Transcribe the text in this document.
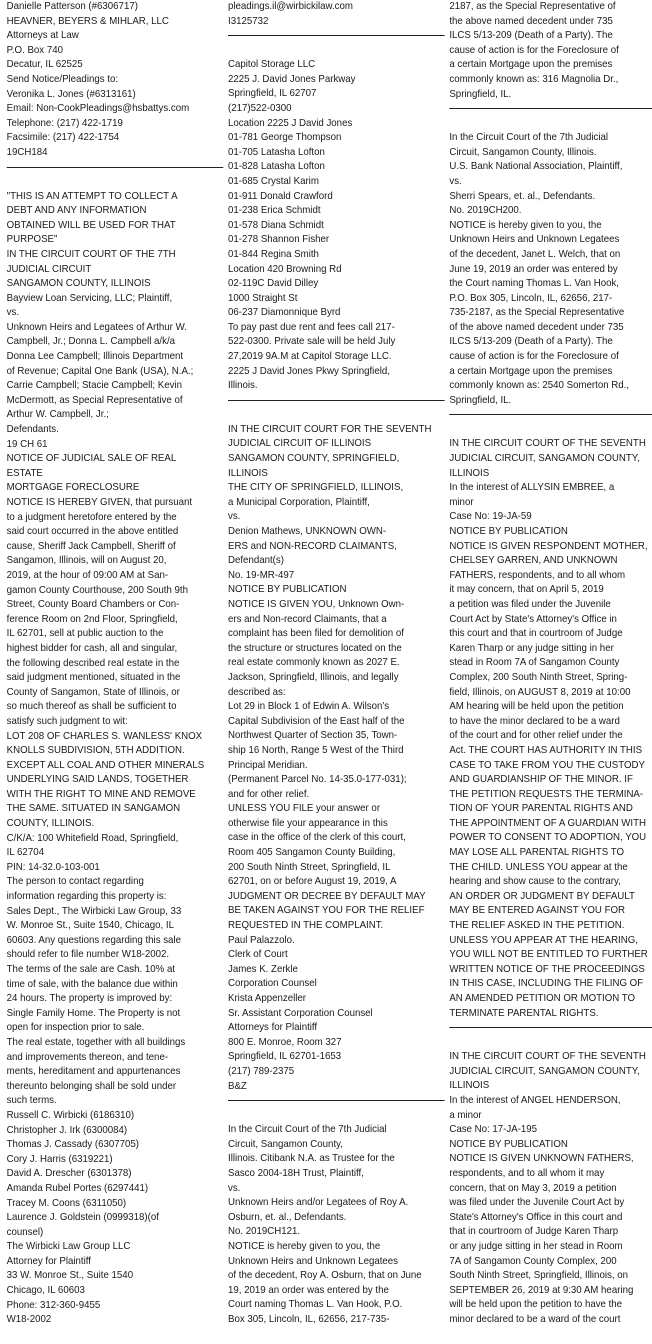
Danielle Patterson (#6306717)
HEAVNER, BEYERS & MIHLAR, LLC
Attorneys at Law
P.O. Box 740
Decatur, IL 62525
Send Notice/Pleadings to:
Veronika L. Jones (#6313161)
Email: Non-CookPleadings@hsbattys.com
Telephone: (217) 422-1719
Facsimile: (217) 422-1754
19CH184
"THIS IS AN ATTEMPT TO COLLECT A
DEBT AND ANY INFORMATION
OBTAINED WILL BE USED FOR THAT
PURPOSE"
IN THE CIRCUIT COURT OF THE 7TH
JUDICIAL CIRCUIT
SANGAMON COUNTY, ILLINOIS
Bayview Loan Servicing, LLC; Plaintiff,
vs.
Unknown Heirs and Legatees of Arthur W.
Campbell, Jr.; Donna L. Campbell a/k/a
Donna Lee Campbell; Illinois Department
of Revenue; Capital One Bank (USA), N.A.;
Carrie Campbell; Stacie Campbell; Kevin
McDermott, as Special Representative of
Arthur W. Campbell, Jr.;
Defendants.
19 CH 61
NOTICE OF JUDICIAL SALE OF REAL
ESTATE
MORTGAGE FORECLOSURE
NOTICE IS HEREBY GIVEN, that pursuant
to a judgment heretofore entered by the
said court occurred in the above entitled
cause, Sheriff Jack Campbell, Sheriff of
Sangamon, Illinois, will on August 20,
2019, at the hour of 09:00 AM at San-
gamon County Courthouse, 200 South 9th
Street, County Board Chambers or Con-
ference Room on 2nd Floor, Springfield,
IL 62701, sell at public auction to the
highest bidder for cash, all and singular,
the following described real estate in the
said judgment mentioned, situated in the
County of Sangamon, State of Illinois, or
so much thereof as shall be sufficient to
satisfy such judgment to wit:
LOT 208 OF CHARLES S. WANLESS' KNOX
KNOLLS SUBDIVISION, 5TH ADDITION.
EXCEPT ALL COAL AND OTHER MINERALS
UNDERLYING SAID LANDS, TOGETHER
WITH THE RIGHT TO MINE AND REMOVE
THE SAME. SITUATED IN SANGAMON
COUNTY, ILLINOIS.
C/K/A: 100 Whitefield Road, Springfield,
IL 62704
PIN: 14-32.0-103-001
The person to contact regarding
information regarding this property is:
Sales Dept., The Wirbicki Law Group, 33
W. Monroe St., Suite 1540, Chicago, IL
60603. Any questions regarding this sale
should refer to file number W18-2002.
The terms of the sale are Cash. 10% at
time of sale, with the balance due within
24 hours. The property is improved by:
Single Family Home. The Property is not
open for inspection prior to sale.
The real estate, together with all buildings
and improvements thereon, and tene-
ments, hereditament and appurtenances
thereunto belonging shall be sold under
such terms.
Russell C. Wirbicki (6186310)
Christopher J. Irk (6300084)
Thomas J. Cassady (6307705)
Cory J. Harris (6319221)
David A. Drescher (6301378)
Amanda Rubel Portes (6297441)
Tracey M. Coons (6311050)
Laurence J. Goldstein (0999318)(of
counsel)
The Wirbicki Law Group LLC
Attorney for Plaintiff
33 W. Monroe St., Suite 1540
Chicago, IL 60603
Phone: 312-360-9455
W18-2002
pleadings.il@wirbickilaw.com
I3125732
Capitol Storage LLC
2225 J. David Jones Parkway
Springfield, IL 62707
(217)522-0300
Location 2225 J David Jones
01-781 George Thompson
01-705 Latasha Lofton
01-828 Latasha Lofton
01-685 Crystal Karim
01-911 Donald Crawford
01-238 Erica Schmidt
01-578 Diana Schmidt
01-278 Shannon Fisher
01-844 Regina Smith
Location 420 Browning Rd
02-119C David Dilley
1000 Straight St
06-237 Diamonnique Byrd
To pay past due rent and fees call 217-
522-0300. Private sale will be held July
27,2019 9A.M at Capitol Storage LLC.
2225 J David Jones Pkwy Springfield,
Illinois.
IN THE CIRCUIT COURT FOR THE SEVENTH
JUDICIAL CIRCUIT OF ILLINOIS
SANGAMON COUNTY, SPRINGFIELD,
ILLINOIS
THE CITY OF SPRINGFIELD, ILLINOIS,
a Municipal Corporation, Plaintiff,
vs.
Denion Mathews, UNKNOWN OWN-
ERS and NON-RECORD CLAIMANTS,
Defendant(s)
No. 19-MR-497
NOTICE BY PUBLICATION
NOTICE IS GIVEN YOU, Unknown Own-
ers and Non-record Claimants, that a
complaint has been filed for demolition of
the structure or structures located on the
real estate commonly known as 2027 E.
Jackson, Springfield, Illinois, and legally
described as:
Lot 29 in Block 1 of Edwin A. Wilson's
Capital Subdivision of the East half of the
Northwest Quarter of Section 35, Town-
ship 16 North, Range 5 West of the Third
Principal Meridian.
(Permanent Parcel No. 14-35.0-177-031);
and for other relief.
UNLESS YOU FILE your answer or
otherwise file your appearance in this
case in the office of the clerk of this court,
Room 405 Sangamon County Building,
200 South Ninth Street, Springfield, IL
62701, on or before August 19, 2019, A
JUDGMENT OR DECREE BY DEFAULT MAY
BE TAKEN AGAINST YOU FOR THE RELIEF
REQUESTED IN THE COMPLAINT.
Paul Palazzolo.
Clerk of Court
James K. Zerkle
Corporation Counsel
Krista Appenzeller
Sr. Assistant Corporation Counsel
Attorneys for Plaintiff
800 E. Monroe, Room 327
Springfield, IL 62701-1653
(217) 789-2375
B&Z
In the Circuit Court of the 7th Judicial
Circuit, Sangamon County,
Illinois. Citibank N.A. as Trustee for the
Sasco 2004-18H Trust, Plaintiff,
vs.
Unknown Heirs and/or Legatees of Roy A.
Osburn, et. al., Defendants.
No. 2019CH121.
NOTICE is hereby given to you, the
Unknown Heirs and Unknown Legatees
of the decedent, Roy A. Osburn, that on June
19, 2019 an order was entered by the
Court naming Thomas L. Van Hook, P.O.
Box 305, Lincoln, IL, 62656, 217-735-
2187, as the Special Representative of
the above named decedent under 735
ILCS 5/13-209 (Death of a Party). The
cause of action is for the Foreclosure of
a certain Mortgage upon the premises
commonly known as: 316 Magnolia Dr.,
Springfield, IL.
In the Circuit Court of the 7th Judicial
Circuit, Sangamon County, Illinois.
U.S. Bank National Association, Plaintiff,
vs.
Sherri Spears, et. al., Defendants.
No. 2019CH200.
NOTICE is hereby given to you, the
Unknown Heirs and Unknown Legatees
of the decedent, Janet L. Welch, that on
June 19, 2019 an order was entered by
the Court naming Thomas L. Van Hook,
P.O. Box 305, Lincoln, IL, 62656, 217-
735-2187, as the Special Representative
of the above named decedent under 735
ILCS 5/13-209 (Death of a Party). The
cause of action is for the Foreclosure of
a certain Mortgage upon the premises
commonly known as: 2540 Somerton Rd.,
Springfield, IL.
IN THE CIRCUIT COURT OF THE SEVENTH
JUDICIAL CIRCUIT, SANGAMON COUNTY,
ILLINOIS
In the interest of ALLYSIN EMBREE, a
minor
Case No: 19-JA-59
NOTICE BY PUBLICATION
NOTICE IS GIVEN RESPONDENT MOTHER,
CHELSEY GARREN, AND UNKNOWN
FATHERS, respondents, and to all whom
it may concern, that on April 5, 2019
a petition was filed under the Juvenile
Court Act by State's Attorney's Office in
this court and that in courtroom of Judge
Karen Tharp or any judge sitting in her
stead in Room 7A of Sangamon County
Complex, 200 South Ninth Street, Spring-
field, Illinois, on AUGUST 8, 2019 at 10:00
AM hearing will be held upon the petition
to have the minor declared to be a ward
of the court and for other relief under the
Act. THE COURT HAS AUTHORITY IN THIS
CASE TO TAKE FROM YOU THE CUSTODY
AND GUARDIANSHIP OF THE MINOR. IF
THE PETITION REQUESTS THE TERMINA-
TION OF YOUR PARENTAL RIGHTS AND
THE APPOINTMENT OF A GUARDIAN WITH
POWER TO CONSENT TO ADOPTION, YOU
MAY LOSE ALL PARENTAL RIGHTS TO
THE CHILD. UNLESS YOU appear at the
hearing and show cause to the contrary,
AN ORDER OR JUDGMENT BY DEFAULT
MAY BE ENTERED AGAINST YOU FOR
THE RELIEF ASKED IN THE PETITION.
UNLESS YOU APPEAR AT THE HEARING,
YOU WILL NOT BE ENTITLED TO FURTHER
WRITTEN NOTICE OF THE PROCEEDINGS
IN THIS CASE, INCLUDING THE FILING OF
AN AMENDED PETITION OR MOTION TO
TERMINATE PARENTAL RIGHTS.
IN THE CIRCUIT COURT OF THE SEVENTH
JUDICIAL CIRCUIT, SANGAMON COUNTY,
ILLINOIS
In the interest of ANGEL HENDERSON,
a minor
Case No: 17-JA-195
NOTICE BY PUBLICATION
NOTICE IS GIVEN UNKNOWN FATHERS,
respondents, and to all whom it may
concern, that on May 3, 2019 a petition
was filed under the Juvenile Court Act by
State's Attorney's Office in this court and
that in courtroom of Judge Karen Tharp
or any judge sitting in her stead in Room
7A of Sangamon County Complex, 200
South Ninth Street, Springfield, Illinois, on
SEPTEMBER 26, 2019 at 9:30 AM hearing
will be held upon the petition to have the
minor declared to be a ward of the court
